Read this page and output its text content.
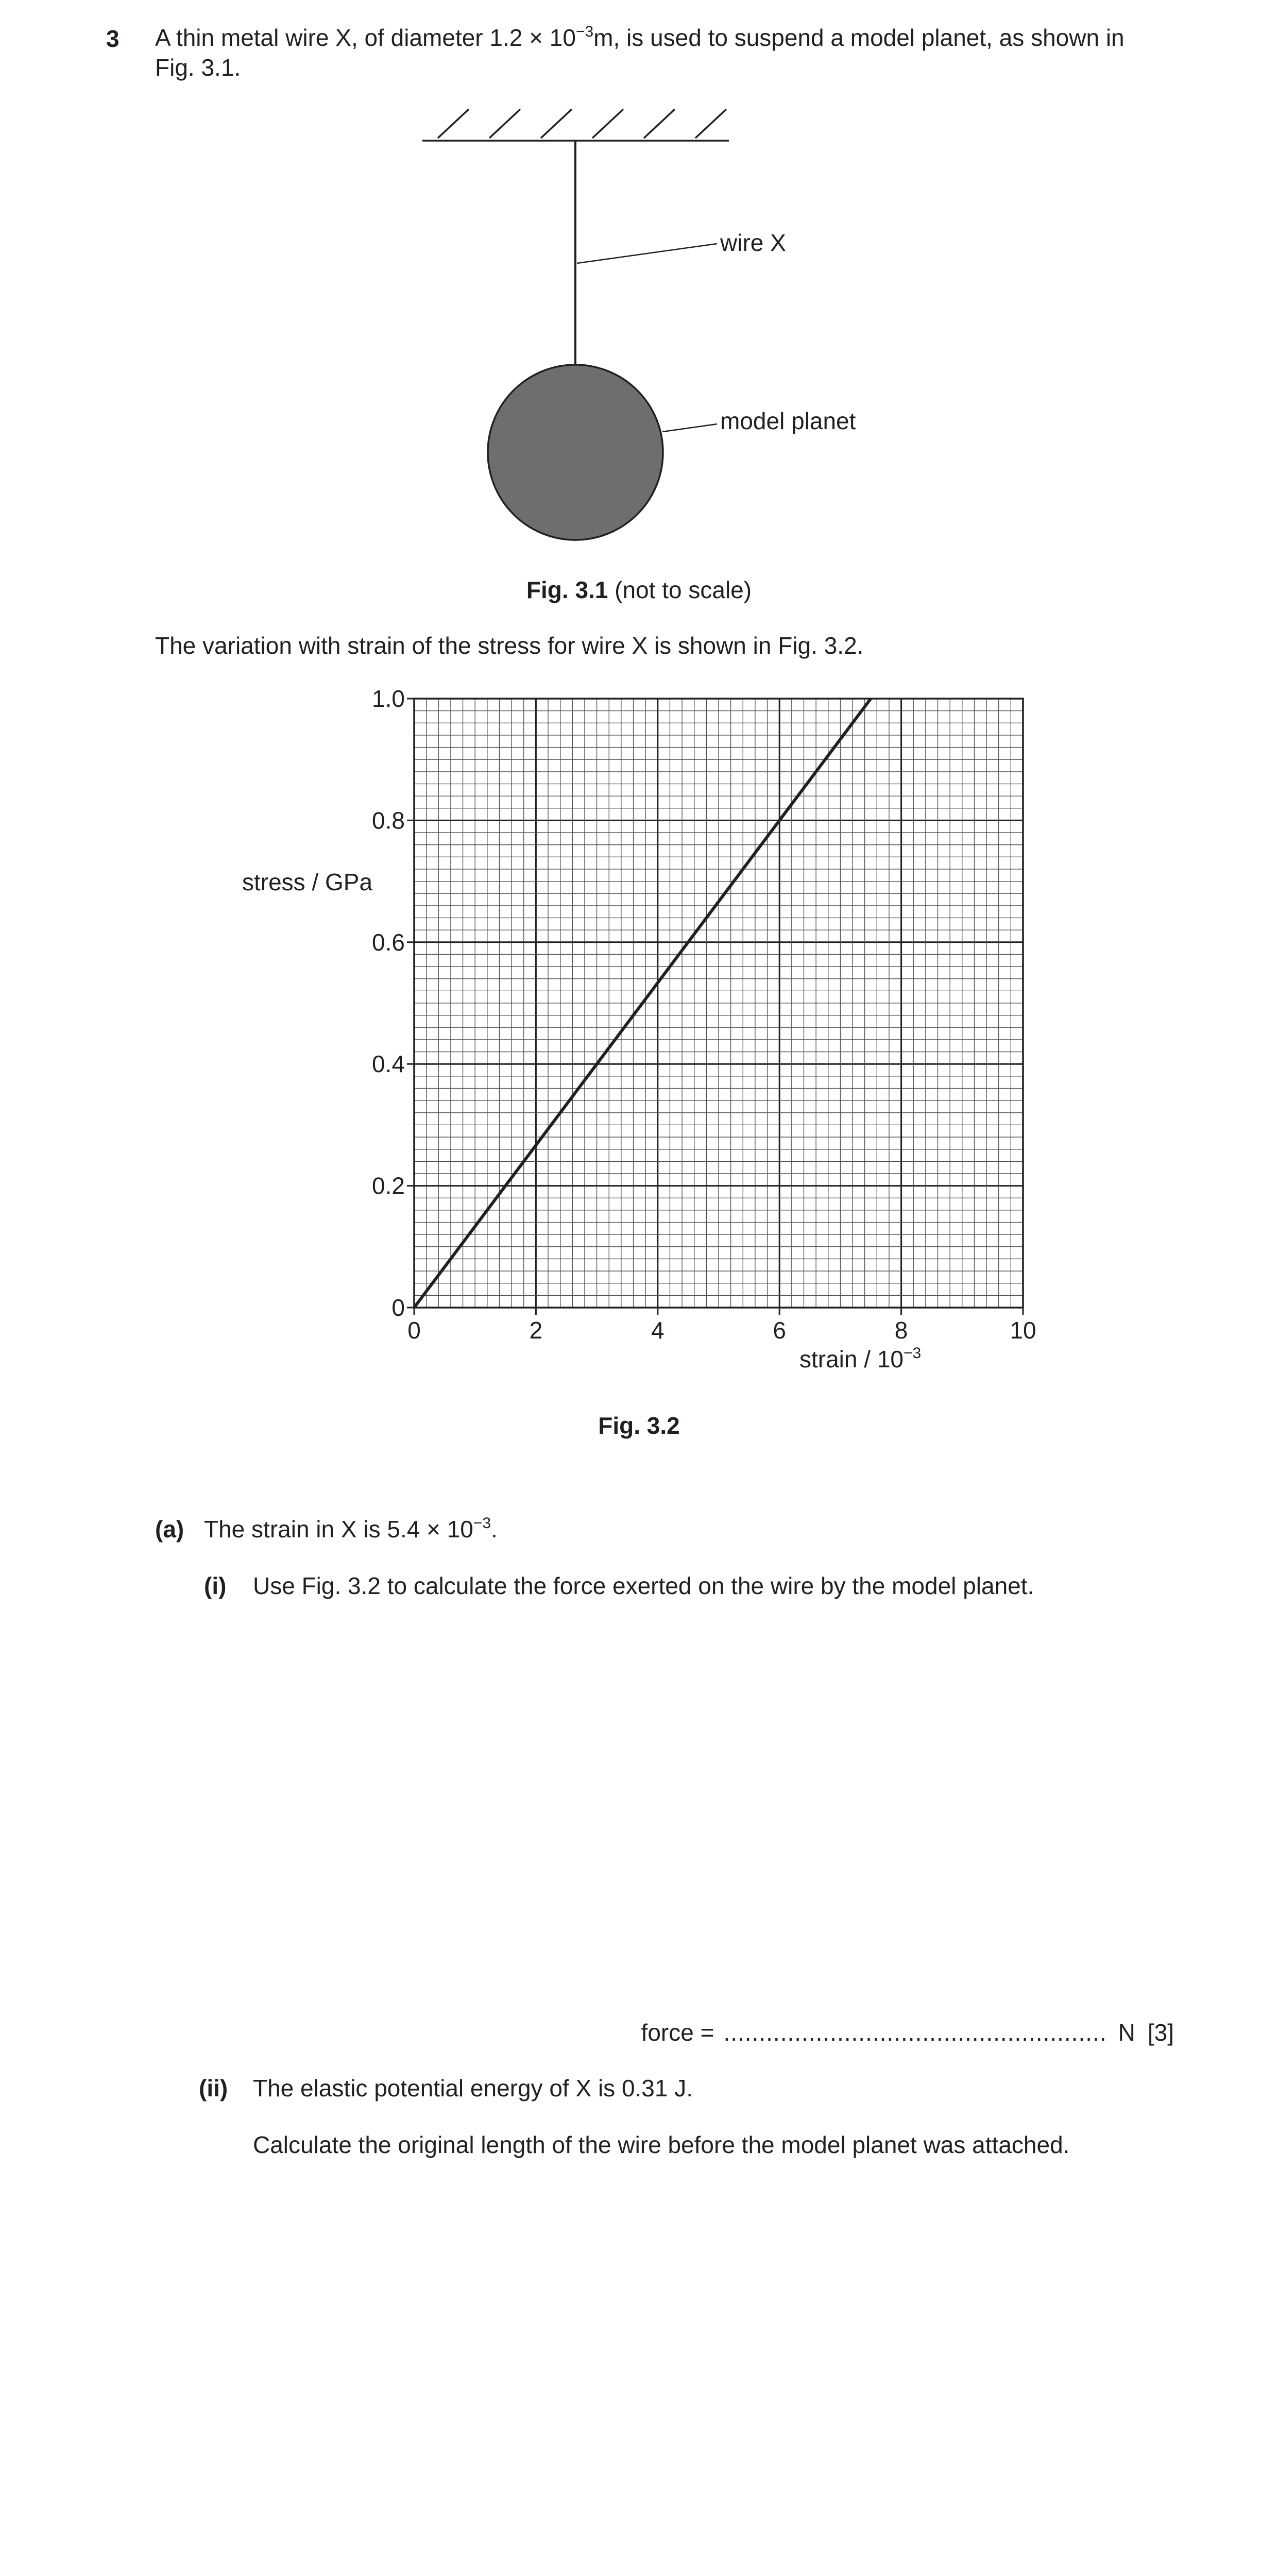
3 A thin metal wire X, of diameter $1.2 \times 10^{-3}m$, is used to suspend a model planet, as shown in
Fig. 3.1.
wire X
model planet
Fig. 3.1 (not to scale)
The variation with strain of the stress for wire X is shown in Fig. 3.2.
0	2	4	6	8	10
0
0.2
0.4
0.6
0.8
1.0
stress / GPa
strain / $10^{-3}$
Fig. 3.2
(a) The strain in X is $5.4 \times 10^{-3}$.
(i) Use Fig. 3.2 to calculate the force exerted on the wire by the model planet.
force = ...................................................... N [3]
(ii) The elastic potential energy of X is 0.31 J.
Calculate the original length of the wire before the model planet was attached.
